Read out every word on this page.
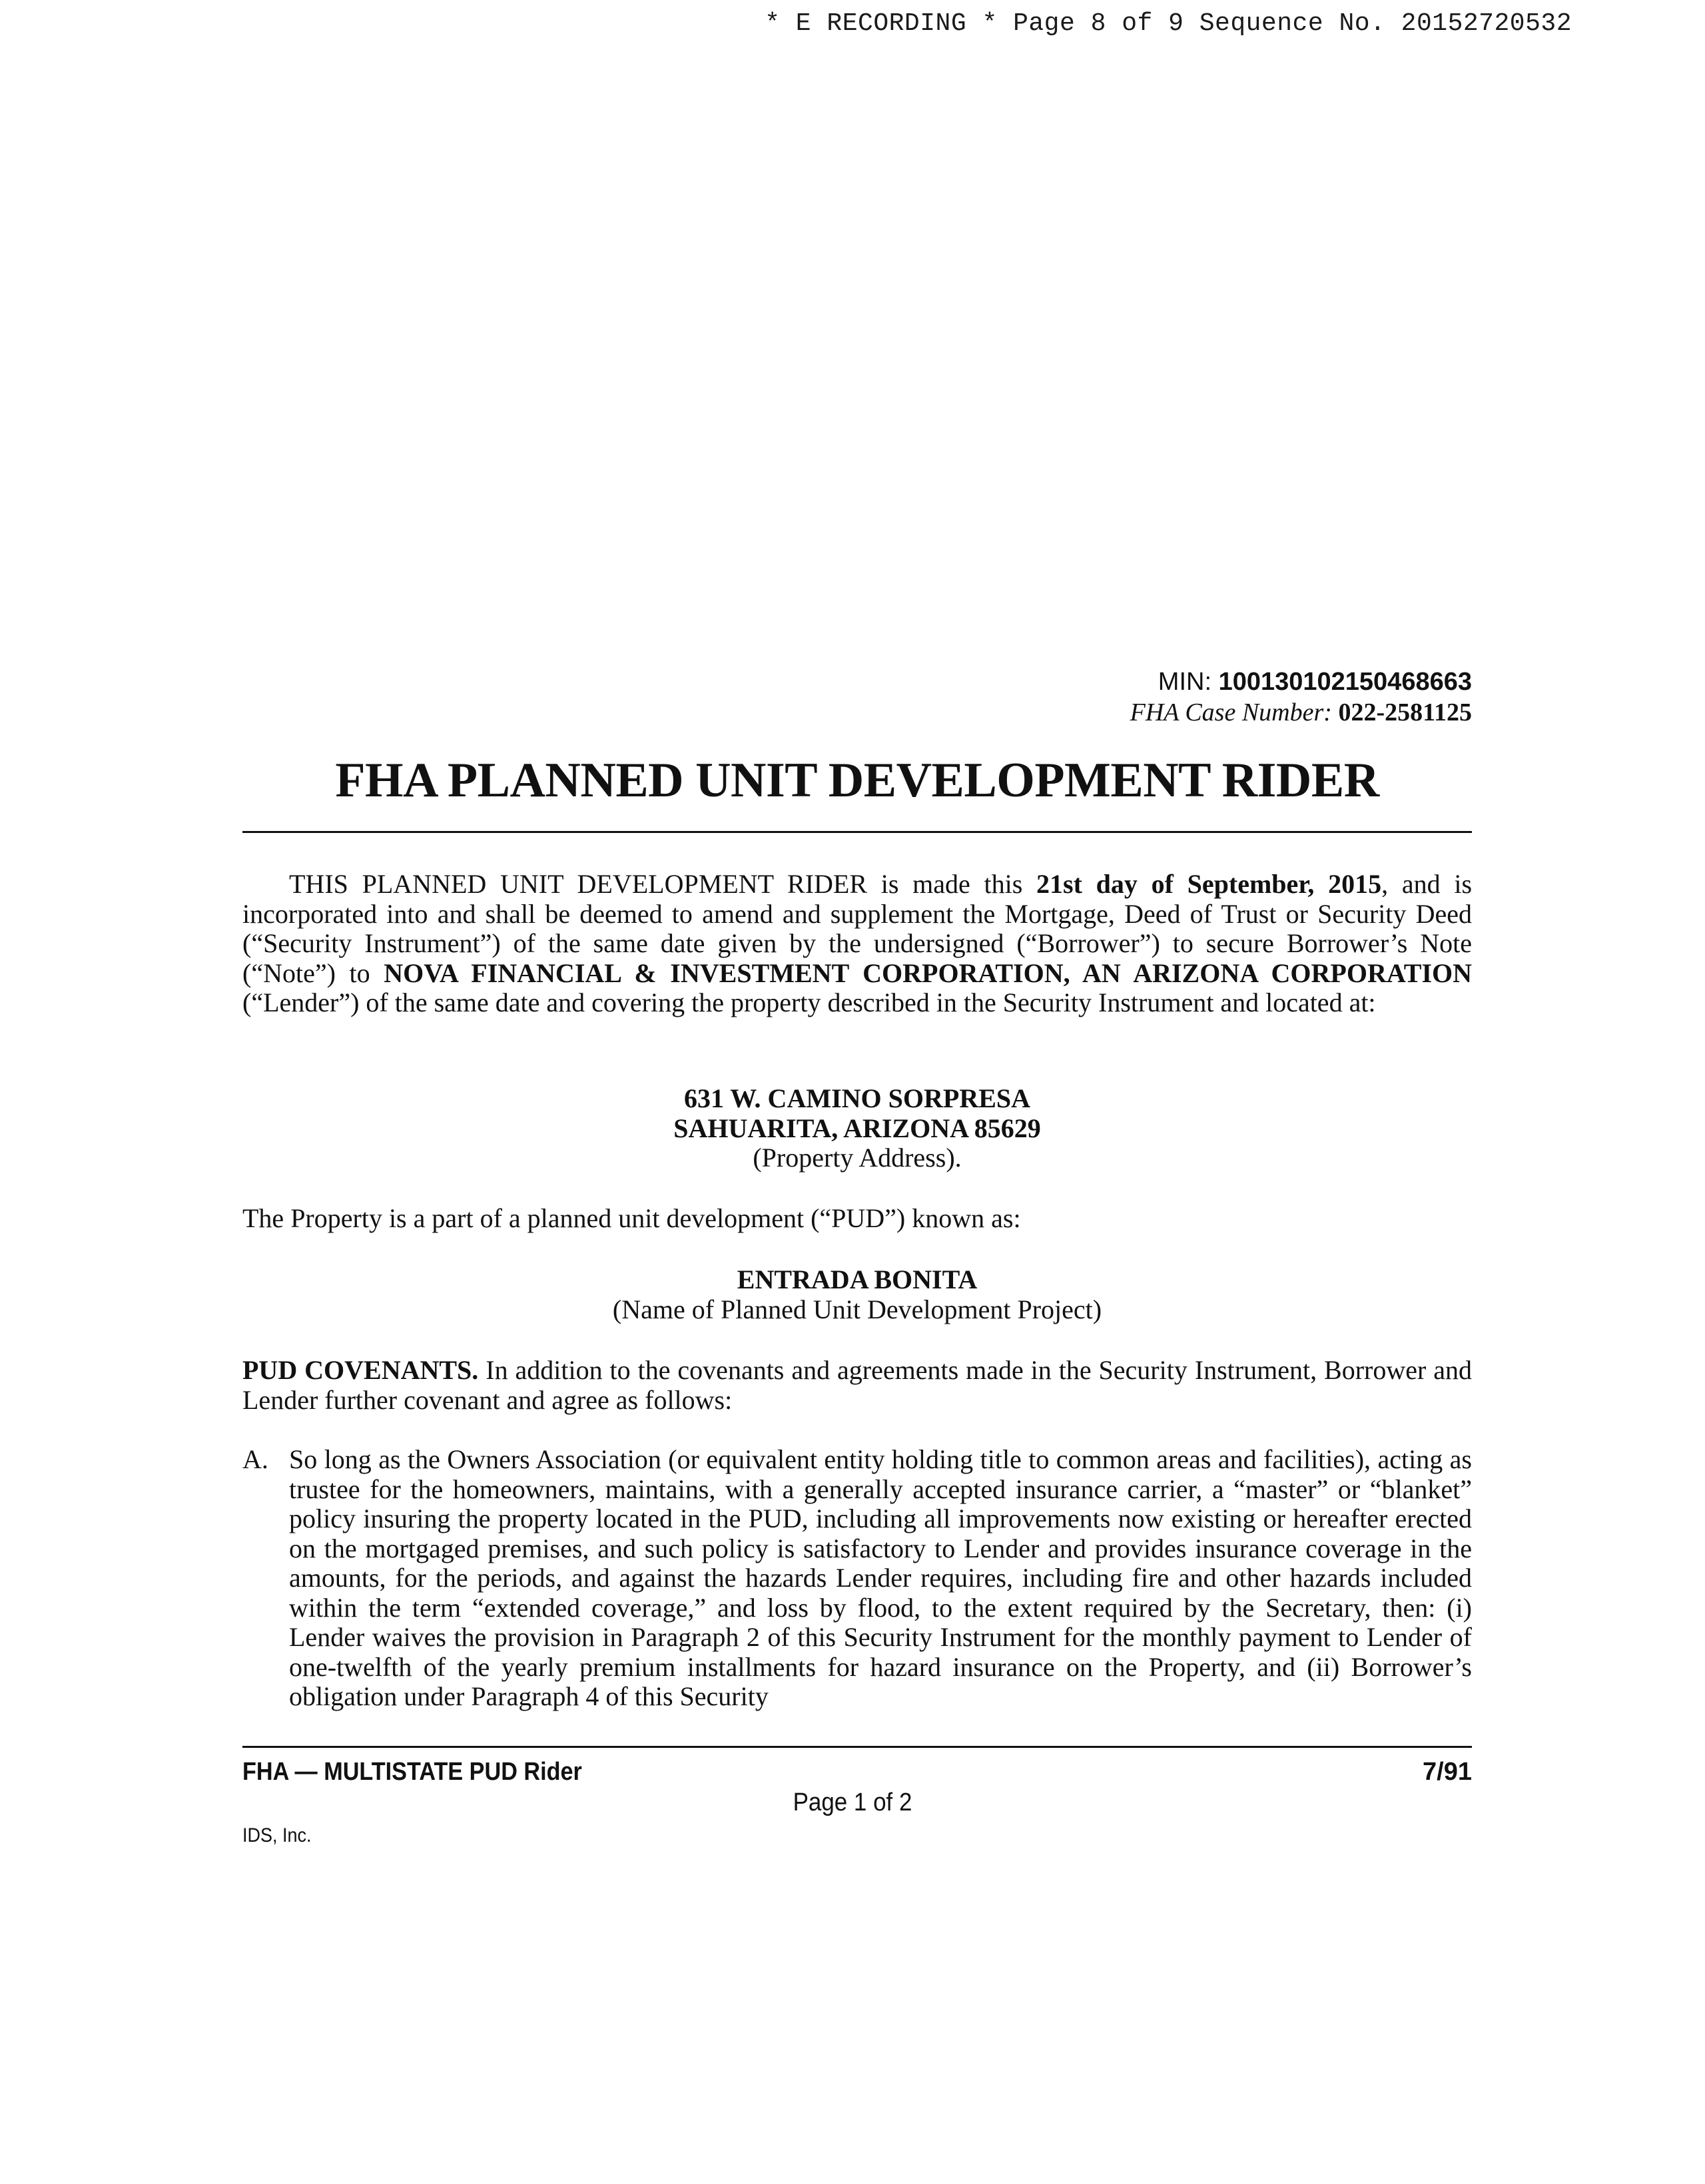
* E RECORDING * Page 8 of 9 Sequence No. 20152720532
MIN: 100130102150468663
FHA Case Number: 022-2581125
FHA PLANNED UNIT DEVELOPMENT RIDER
THIS PLANNED UNIT DEVELOPMENT RIDER is made this 21st day of September, 2015, and is incorporated into and shall be deemed to amend and supplement the Mortgage, Deed of Trust or Security Deed (“Security Instrument”) of the same date given by the undersigned (“Borrower”) to secure Borrower’s Note (“Note”) to NOVA FINANCIAL & INVESTMENT CORPORATION, AN ARIZONA CORPORATION (“Lender”) of the same date and covering the property described in the Security Instrument and located at:
631 W. CAMINO SORPRESA
SAHUARITA, ARIZONA 85629
(Property Address).
The Property is a part of a planned unit development (“PUD”) known as:
ENTRADA BONITA
(Name of Planned Unit Development Project)
PUD COVENANTS. In addition to the covenants and agreements made in the Security Instrument, Borrower and Lender further covenant and agree as follows:
A. So long as the Owners Association (or equivalent entity holding title to common areas and facilities), acting as trustee for the homeowners, maintains, with a generally accepted insurance carrier, a “master” or “blanket” policy insuring the property located in the PUD, including all improvements now existing or hereafter erected on the mortgaged premises, and such policy is satisfactory to Lender and provides insurance coverage in the amounts, for the periods, and against the hazards Lender requires, including fire and other hazards included within the term “extended coverage,” and loss by flood, to the extent required by the Secretary, then: (i) Lender waives the provision in Paragraph 2 of this Security Instrument for the monthly payment to Lender of one-twelfth of the yearly premium installments for hazard insurance on the Property, and (ii) Borrower’s obligation under Paragraph 4 of this Security
FHA — MULTISTATE PUD Rider	7/91
Page 1 of 2
IDS, Inc.
